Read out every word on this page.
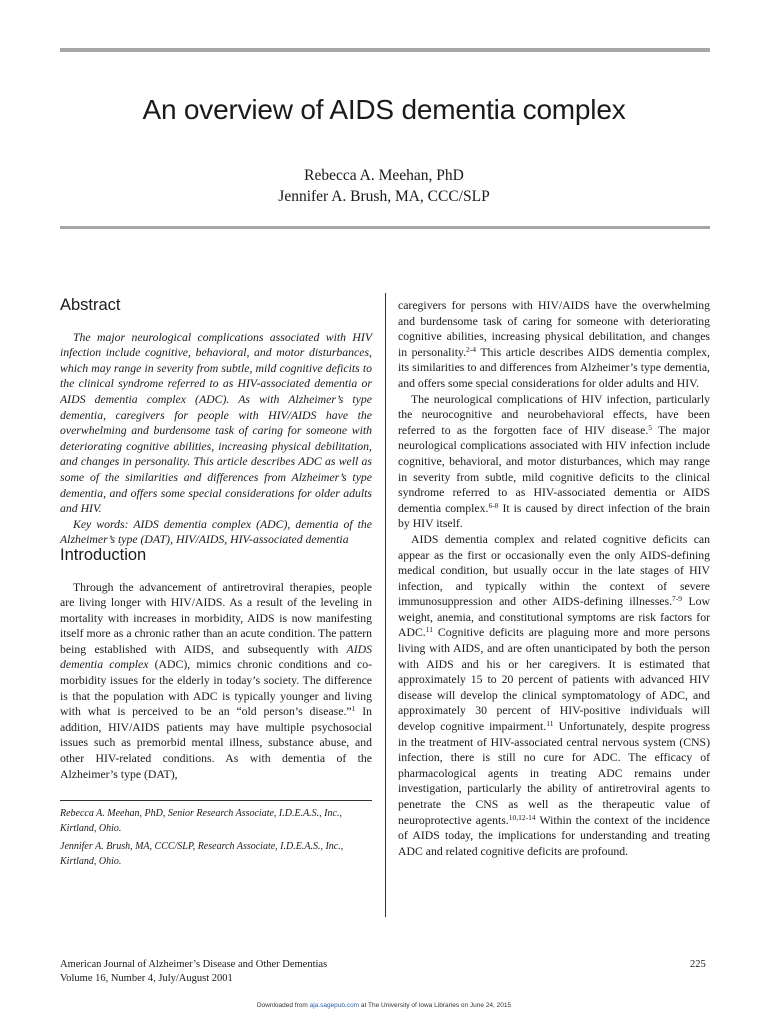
An overview of AIDS dementia complex
Rebecca A. Meehan, PhD
Jennifer A. Brush, MA, CCC/SLP
Abstract

The major neurological complications associated with HIV infection include cognitive, behavioral, and motor disturbances, which may range in severity from subtle, mild cognitive deficits to the clinical syndrome referred to as HIV-associated dementia or AIDS dementia complex (ADC). As with Alzheimer’s type dementia, caregivers for people with HIV/AIDS have the overwhelming and burdensome task of caring for someone with deteriorating cognitive abilities, increasing physical debilitation, and changes in personality. This article describes ADC as well as some of the similarities and differences from Alzheimer’s type dementia, and offers some special considerations for older adults and HIV.

Key words: AIDS dementia complex (ADC), dementia of the Alzheimer’s type (DAT), HIV/AIDS, HIV-associated dementia

Introduction

Through the advancement of antiretroviral therapies, people are living longer with HIV/AIDS. As a result of the leveling in mortality with increases in morbidity, AIDS is now manifesting itself more as a chronic rather than an acute condition. The pattern being established with AIDS, and subsequently with AIDS dementia complex (ADC), mimics chronic conditions and co-morbidity issues for the elderly in today’s society. The difference is that the population with ADC is typically younger and living with what is perceived to be an “old person’s disease.”$^1$ In addition, HIV/AIDS patients may have multiple psychosocial issues such as premorbid mental illness, substance abuse, and other HIV-related conditions. As with dementia of the Alzheimer’s type (DAT),

Rebecca A. Meehan, PhD, Senior Research Associate, I.D.E.A.S., Inc., Kirtland, Ohio.
Jennifer A. Brush, MA, CCC/SLP, Research Associate, I.D.E.A.S., Inc., Kirtland, Ohio.

caregivers for persons with HIV/AIDS have the overwhelming and burdensome task of caring for someone with deteriorating cognitive abilities, increasing physical debilitation, and changes in personality.$^{2-4}$ This article describes AIDS dementia complex, its similarities to and differences from Alzheimer’s type dementia, and offers some special considerations for older adults and HIV.

The neurological complications of HIV infection, particularly the neurocognitive and neurobehavioral effects, have been referred to as the forgotten face of HIV disease.$^5$ The major neurological complications associated with HIV infection include cognitive, behavioral, and motor disturbances, which may range in severity from subtle, mild cognitive deficits to the clinical syndrome referred to as HIV-associated dementia or AIDS dementia complex.$^{6-8}$ It is caused by direct infection of the brain by HIV itself.

AIDS dementia complex and related cognitive deficits can appear as the first or occasionally even the only AIDS-defining medical condition, but usually occur in the late stages of HIV infection, and typically within the context of severe immunosuppression and other AIDS-defining illnesses.$^{7-9}$ Low weight, anemia, and constitutional symptoms are risk factors for ADC.$^{11}$ Cognitive deficits are plaguing more and more persons living with AIDS, and are often unanticipated by both the person with AIDS and his or her caregivers. It is estimated that approximately 15 to 20 percent of patients with advanced HIV disease will develop the clinical symptomatology of ADC, and approximately 30 percent of HIV-positive individuals will develop cognitive impairment.$^{11}$ Unfortunately, despite progress in the treatment of HIV-associated central nervous system (CNS) infection, there is still no cure for ADC. The efficacy of pharmacological agents in treating ADC remains under investigation, particularly the ability of antiretroviral agents to penetrate the CNS as well as the therapeutic value of neuroprotective agents.$^{10,12-14}$ Within the context of the incidence of AIDS today, the implications for understanding and treating ADC and related cognitive deficits are profound.

American Journal of Alzheimer’s Disease and Other Dementias
Volume 16, Number 4, July/August 2001
225
Downloaded from aja.sagepub.com at The University of Iowa Libraries on June 24, 2015
